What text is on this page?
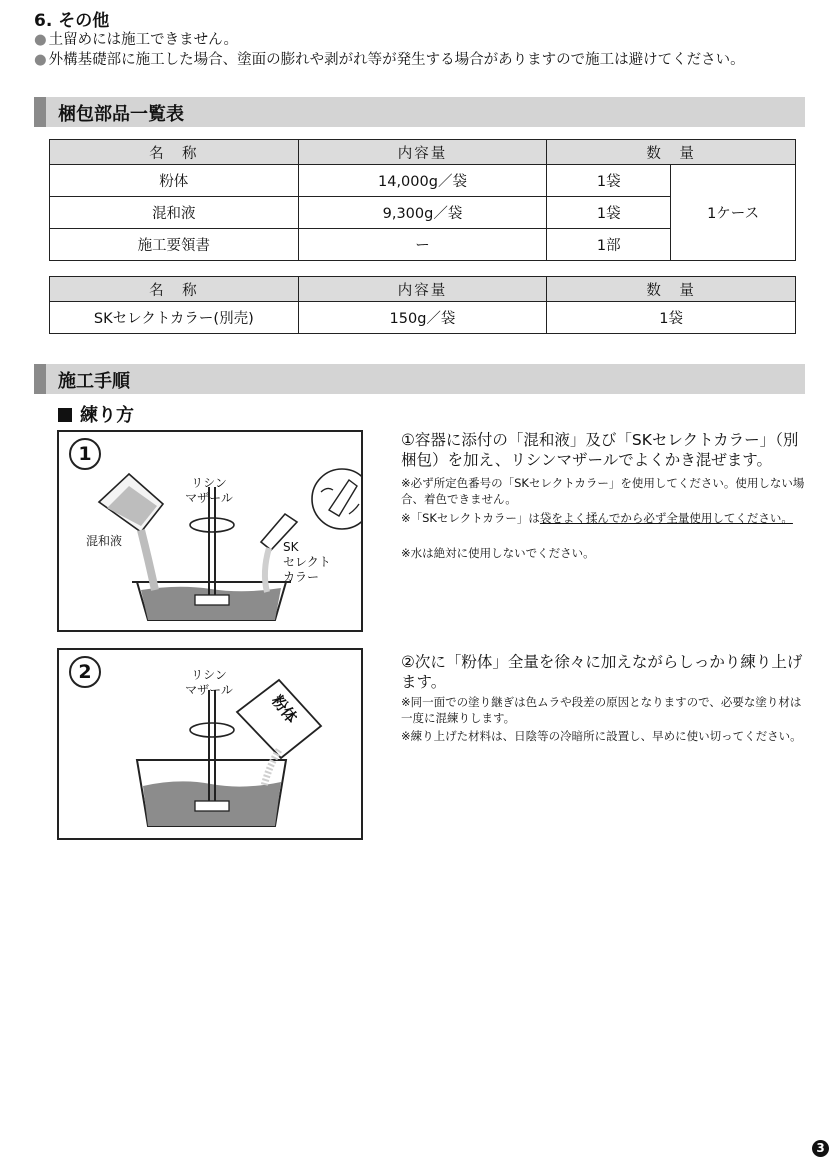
6. その他
● 土留めには施工できません。
● 外構基礎部に施工した場合、塗面の膨れや剥がれ等が発生する場合がありますので施工は避けてください。
梱包部品一覧表
名　称	内容量	数　量	
粉体	14,000g／袋	1袋	1ケース
混和液	9,300g／袋	1袋	
施工要領書	ー	1部	
名　称	内容量	数　量
SKセレクトカラー(別売)	150g／袋	1袋
施工手順
練り方
1
リシン
マザール
混和液	SK
セレクト
カラー
①容器に添付の「混和液」及び「SKセレクトカラー」（別梱包）を加え、リシンマザールでよくかき混ぜます。
※必ず所定色番号の「SKセレクトカラー」を使用してください。使用しない場合、着色できません。
※「SKセレクトカラー」は袋をよく揉んでから必ず全量使用してください。
※水は絶対に使用しないでください。
2	リシン
マザール
粉体
②次に「粉体」全量を徐々に加えながらしっかり練り上げます。
※同一面での塗り継ぎは色ムラや段差の原因となりますので、必要な塗り材は一度に混練りします。
※練り上げた材料は、日陰等の冷暗所に設置し、早めに使い切ってください。
3
